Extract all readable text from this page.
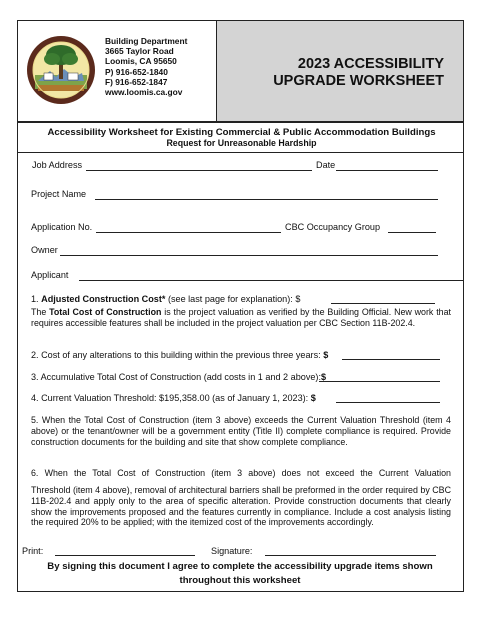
Building Department
3665 Taylor Road
Loomis, CA 95650
P) 916-652-1840
F) 916-652-1847
www.loomis.ca.gov
2023 ACCESSIBILITY
UPGRADE WORKSHEET
Accessibility Worksheet for Existing Commercial & Public Accommodation Buildings
Request for Unreasonable Hardship
Job Address	Date
Project Name
Application No.	CBC Occupancy Group
Owner
Applicant
1. Adjusted Construction Cost* (see last page for explanation): $
The Total Cost of Construction is the project valuation as verified by the Building Official. New work that requires accessible features shall be included in the project valuation per CBC Section 11B-202.4.
2. Cost of any alterations to this building within the previous three years: $
3. Accumulative Total Cost of Construction (add costs in 1 and 2 above):$
4. Current Valuation Threshold: $195,358.00 (as of January 1, 2023): $
5. When the Total Cost of Construction (item 3 above) exceeds the Current Valuation Threshold (item 4 above) or the tenant/owner will be a government entity (Title II) complete compliance is required. Provide construction documents for the building and site that show complete compliance.
6. When the Total Cost of Construction (item 3 above) does not exceed the Current Valuation
Threshold (item 4 above), removal of architectural barriers shall be preformed in the order required by CBC 11B-202.4 and apply only to the area of specific alteration. Provide construction documents that clearly show the improvements proposed and the features currently in compliance. Include a cost analysis listing the required 20% to be applied; with the itemized cost of the improvements accordingly.
Print:	Signature:
By signing this document I agree to complete the accessibility upgrade items shown
throughout this worksheet
